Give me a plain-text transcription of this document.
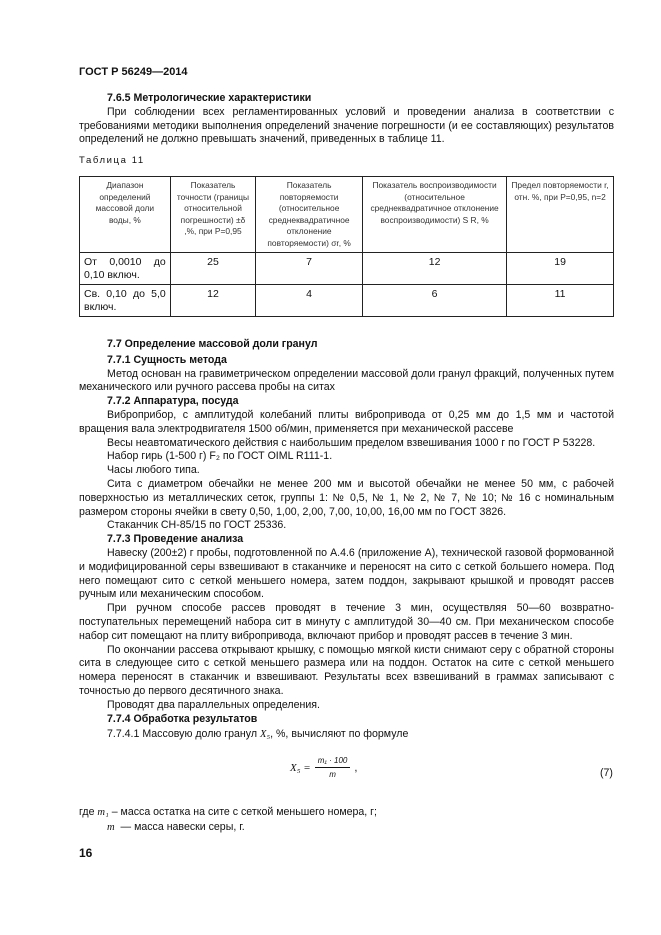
ГОСТ Р 56249—2014

7.6.5 Метрологические характеристики

При соблюдении всех регламентированных условий и проведении анализа в соответствии с требованиями методики выполнения определений значение погрешности (и ее составляющих) результатов определений не должно превышать значений, приведенных в таблице 11.

Таблица 11
Диапазон определений массовой доли воды, %	Показатель точности (границы относительной погрешности) ±δ ,%, при P=0,95	Показатель повторяемости (относительное среднеквадратичное отклонение повторяемости) σr, %	Показатель воспроизводимости (относительное среднеквадратичное отклонение воспроизводимости) S R, %	Предел повторяемости r, отн. %, при P=0,95, n=2
От 0,0010 до 0,10 включ.	25	7	12	19
Св. 0,10 до 5,0 включ.	12	4	6	11

7.7 Определение массовой доли гранул

7.7.1 Сущность метода

Метод основан на гравиметрическом определении массовой доли гранул фракций, полученных путем механического или ручного рассева пробы на ситах

7.7.2 Аппаратура, посуда

Виброприбор, с амплитудой колебаний плиты вибропривода от 0,25 мм до 1,5 мм и частотой вращения вала электродвигателя 1500 об/мин, применяется при механической рассеве

Весы неавтоматического действия с наибольшим пределом взвешивания 1000 г по ГОСТ Р 53228.

Набор гирь (1-500 г) F₂ по ГОСТ OIML R111-1.

Часы любого типа.

Сита с диаметром обечайки не менее 200 мм и высотой обечайки не менее 50 мм, с рабочей поверхностью из металлических сеток, группы 1: № 0,5, № 1, № 2, № 7, № 10; № 16 с номинальным размером стороны ячейки в свету 0,50, 1,00, 2,00, 7,00, 10,00, 16,00 мм по ГОСТ 3826.

Стаканчик СН-85/15 по ГОСТ 25336.

7.7.3 Проведение анализа

Навеску (200±2) г пробы, подготовленной по А.4.6 (приложение А), технической газовой формованной и модифицированной серы взвешивают в стаканчике и переносят на сито с сеткой большего номера. Под него помещают сито с сеткой меньшего номера, затем поддон, закрывают крышкой и проводят рассев ручным или механическим способом.

При ручном способе рассев проводят в течение 3 мин, осуществляя 50—60 возвратно-поступательных перемещений набора сит в минуту с амплитудой 30—40 см. При механическом способе набор сит помещают на плиту вибропривода, включают прибор и проводят рассев в течение 3 мин.

По окончании рассева открывают крышку, с помощью мягкой кисти снимают серу с обратной стороны сита в следующее сито с сеткой меньшего размера или на поддон. Остаток на сите с сеткой меньшего номера переносят в стаканчик и взвешивают. Результаты всех взвешиваний в граммах записывают с точностью до первого десятичного знака.

Проводят два параллельных определения.

7.7.4 Обработка результатов

7.7.4.1 Массовую долю гранул X₅, %, вычисляют по формуле

$X_5 = \frac{\text{m₁ · 100}}{m}$ ,	(7)
где m₁ – масса остатка на сите с сеткой меньшего номера, г;
m — масса навески серы, г.
16
